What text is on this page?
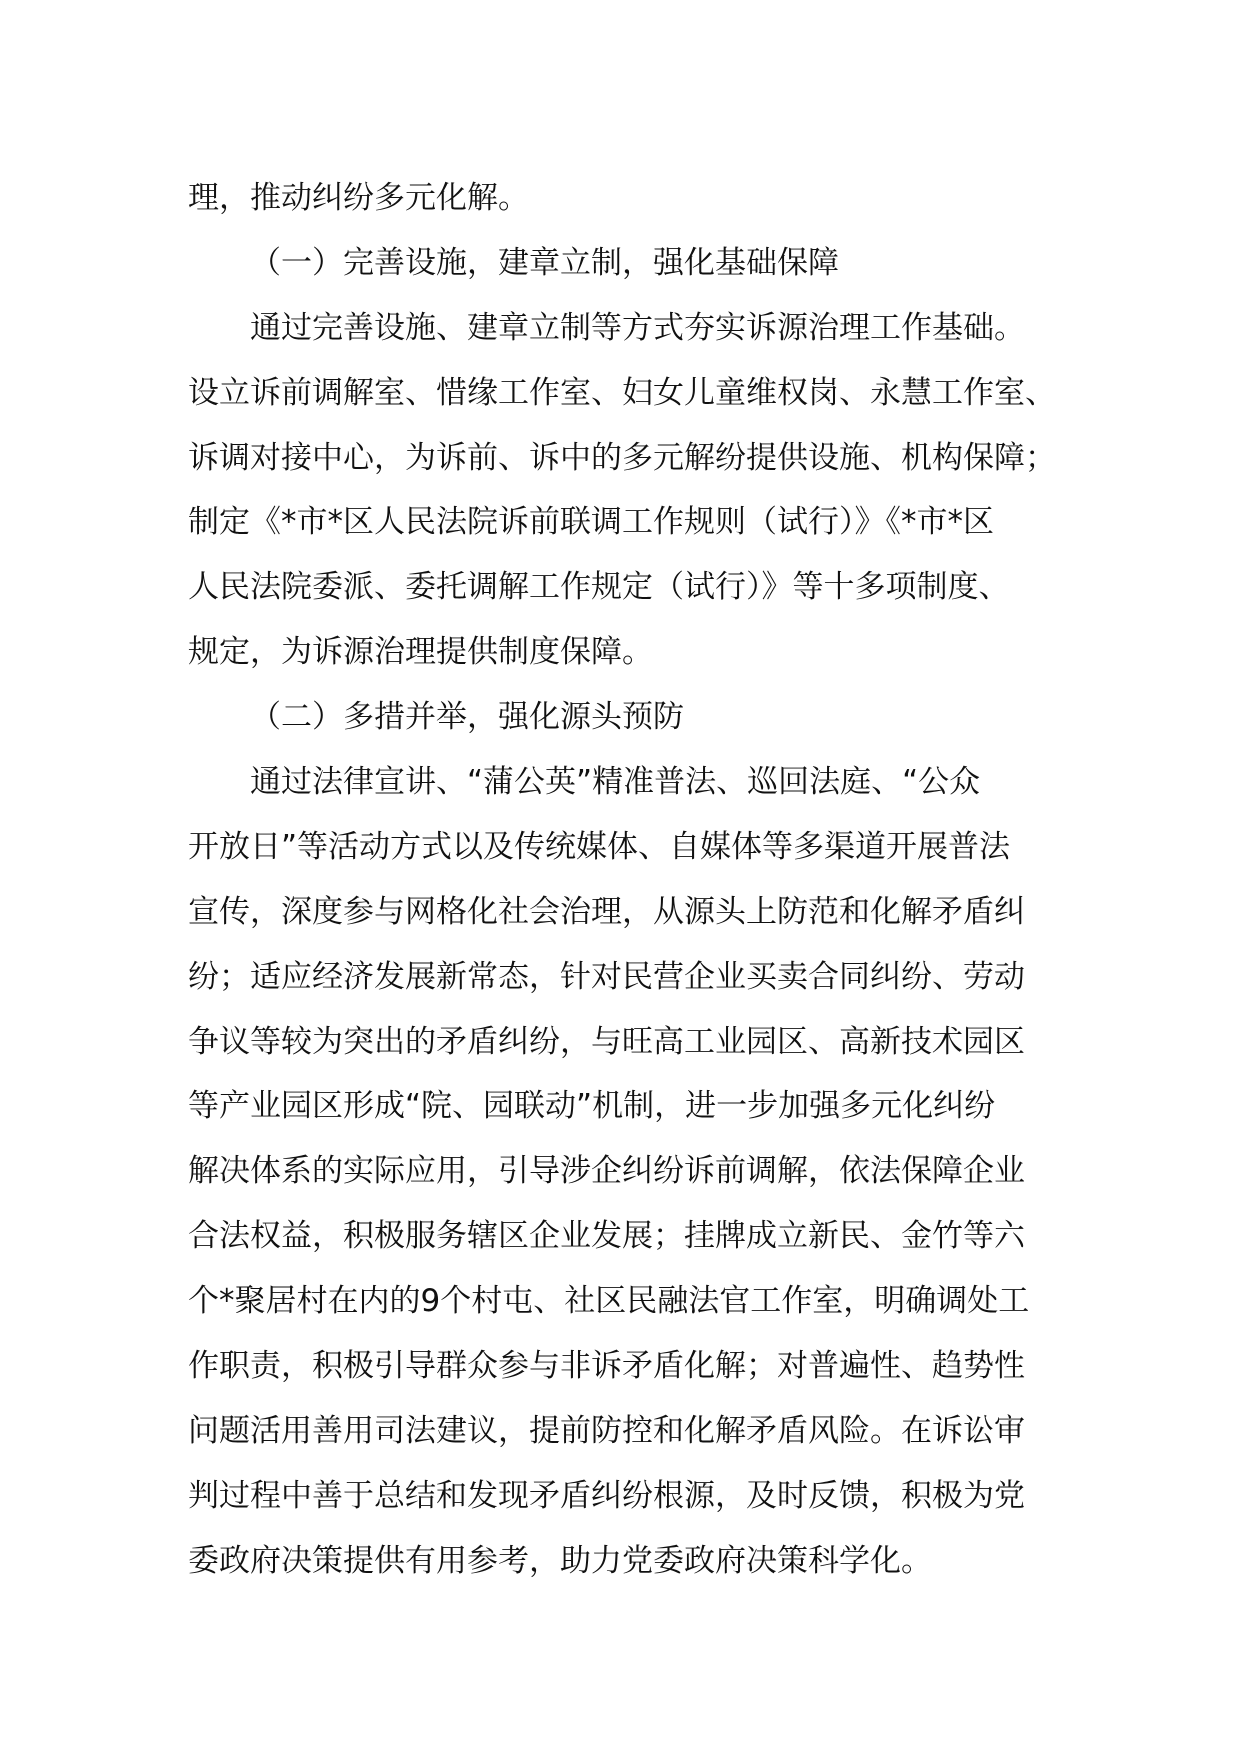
理，推动纠纷多元化解。
（一）完善设施，建章立制，强化基础保障
通过完善设施、建章立制等方式夯实诉源治理工作基础。
设立诉前调解室、惜缘工作室、妇女儿童维权岗、永慧工作室、
诉调对接中心，为诉前、诉中的多元解纷提供设施、机构保障；
制定《*市*区人民法院诉前联调工作规则（试行）》《*市*区
人民法院委派、委托调解工作规定（试行）》等十多项制度、
规定，为诉源治理提供制度保障。
（二）多措并举，强化源头预防
通过法律宣讲、“蒲公英”精准普法、巡回法庭、“公众
开放日”等活动方式以及传统媒体、自媒体等多渠道开展普法
宣传，深度参与网格化社会治理，从源头上防范和化解矛盾纠
纷；适应经济发展新常态，针对民营企业买卖合同纠纷、劳动
争议等较为突出的矛盾纠纷，与旺高工业园区、高新技术园区
等产业园区形成“院、园联动”机制，进一步加强多元化纠纷
解决体系的实际应用，引导涉企纠纷诉前调解，依法保障企业
合法权益，积极服务辖区企业发展；挂牌成立新民、金竹等六
个*聚居村在内的9个村屯、社区民融法官工作室，明确调处工
作职责，积极引导群众参与非诉矛盾化解；对普遍性、趋势性
问题活用善用司法建议，提前防控和化解矛盾风险。在诉讼审
判过程中善于总结和发现矛盾纠纷根源，及时反馈，积极为党
委政府决策提供有用参考，助力党委政府决策科学化。
